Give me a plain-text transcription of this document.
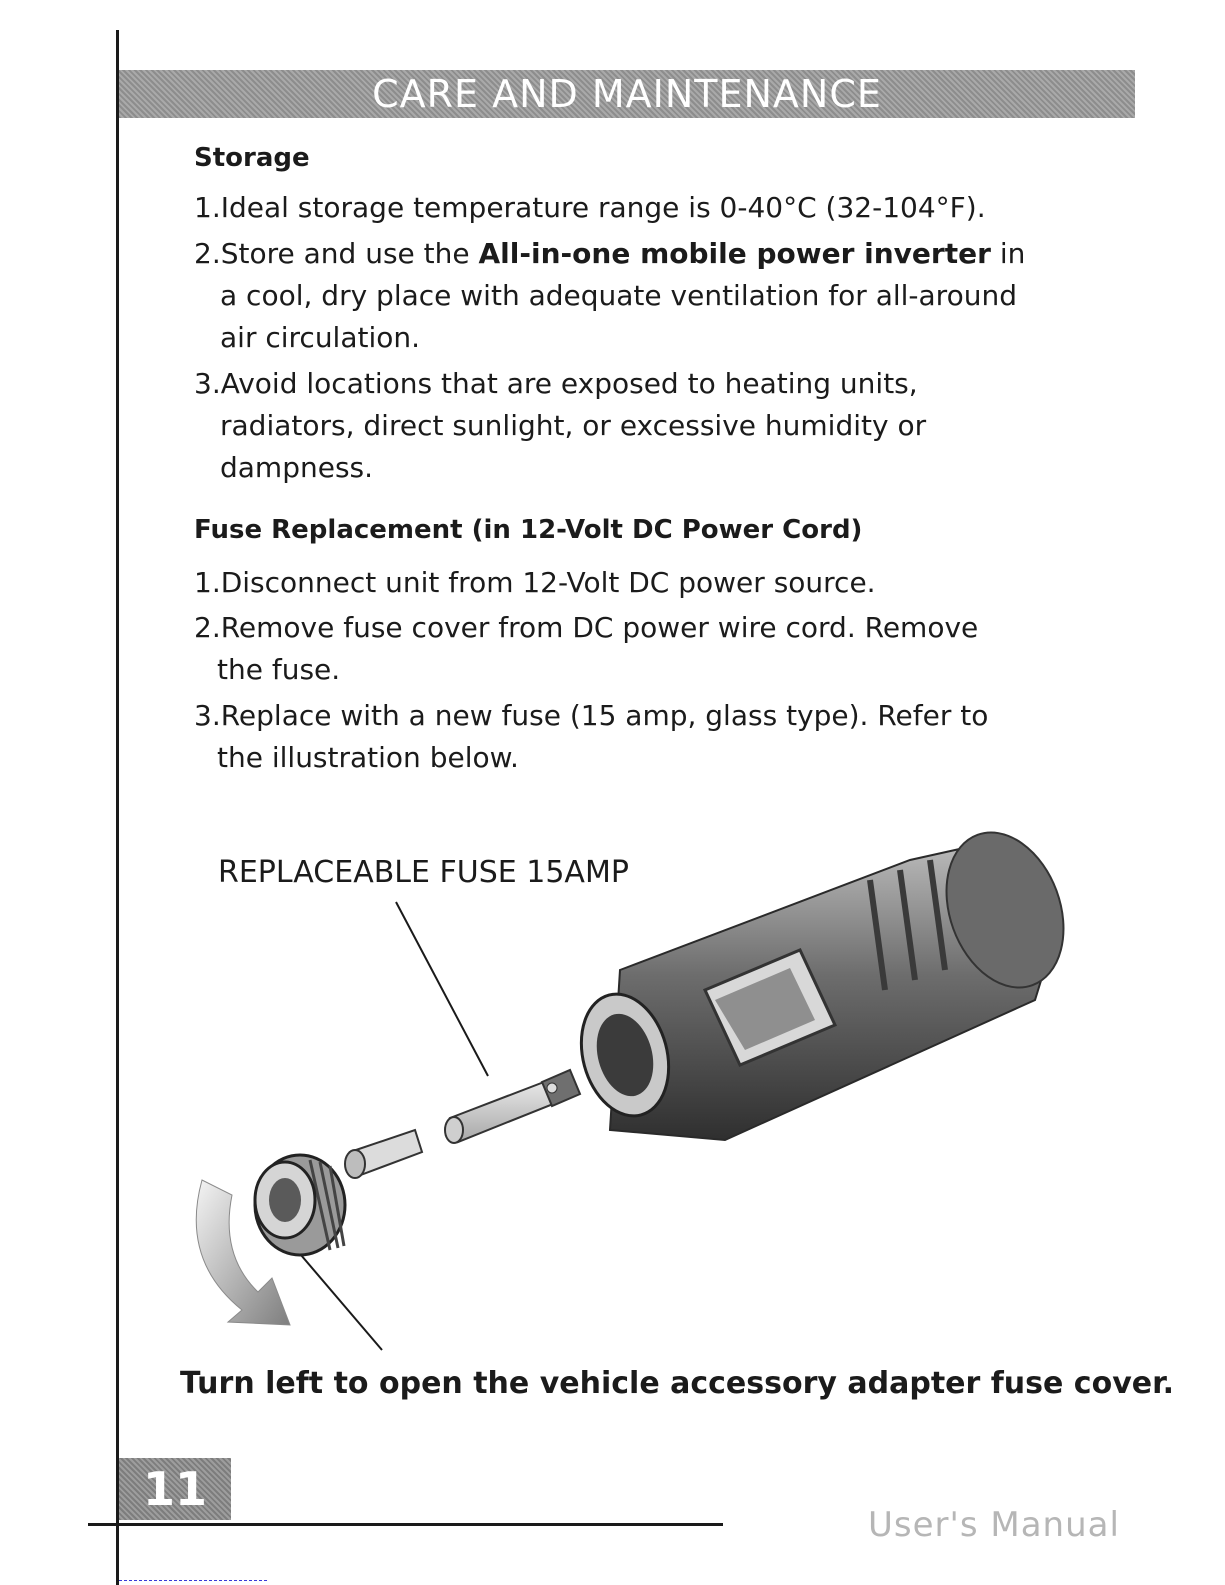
CARE AND MAINTENANCE
Storage

1.Ideal storage temperature range is 0-40°C (32-104°F).

2.Store and use the All-in-one mobile power inverter in
a cool, dry place with adequate ventilation for all-around
air circulation.

3.Avoid locations that are exposed to heating units,
radiators, direct sunlight, or excessive humidity or
dampness.

Fuse Replacement (in 12-Volt DC Power Cord)

1.Disconnect unit from 12-Volt DC power source.

2.Remove fuse cover from DC power wire cord. Remove
the fuse.

3.Replace with a new fuse (15 amp, glass type). Refer to
the illustration below.

REPLACEABLE FUSE 15AMP

Turn left to open the vehicle accessory adapter fuse cover.

11

User's Manual
